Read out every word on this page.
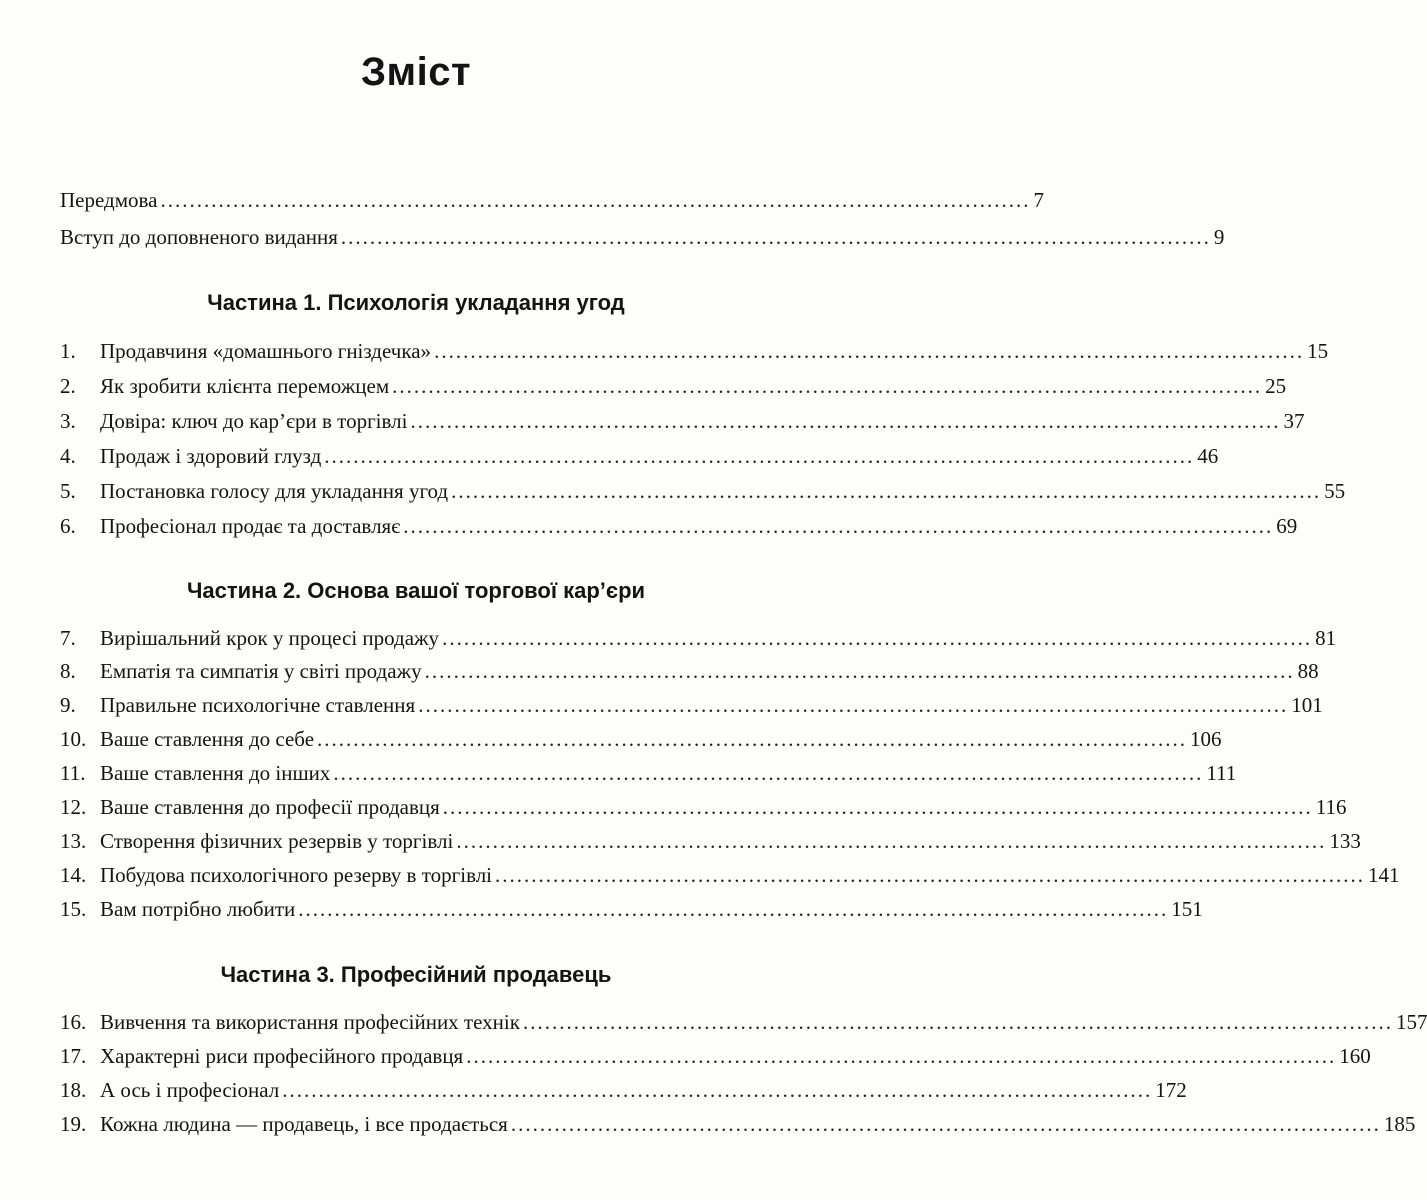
Зміст
Передмова ........................................................................................................................ 7
Вступ до доповненого видання ........................................................................................................................ 9
Частина 1. Психологія укладання угод
1.	Продавчиня «домашнього гніздечка» ........................................................................................................................ 15
2.	Як зробити клієнта переможцем ........................................................................................................................ 25
3.	Довіра: ключ до кар’єри в торгівлі ........................................................................................................................ 37
4.	Продаж і здоровий глузд ........................................................................................................................ 46
5.	Постановка голосу для укладання угод ........................................................................................................................ 55
6.	Професіонал продає та доставляє ........................................................................................................................ 69
Частина 2. Основа вашої торгової кар’єри
7.	Вирішальний крок у процесі продажу ........................................................................................................................ 81
8.	Емпатія та симпатія у світі продажу ........................................................................................................................ 88
9.	Правильне психологічне ставлення ........................................................................................................................ 101
10. Ваше ставлення до себе ........................................................................................................................ 106
11. Ваше ставлення до інших ........................................................................................................................ 111
12. Ваше ставлення до професії продавця ........................................................................................................................ 116
13. Створення фізичних резервів у торгівлі ........................................................................................................................ 133
14. Побудова психологічного резерву в торгівлі ........................................................................................................................ 141
15. Вам потрібно любити ........................................................................................................................ 151
Частина 3. Професійний продавець
16. Вивчення та використання професійних технік ........................................................................................................................ 157
17. Характерні риси професійного продавця ........................................................................................................................ 160
18. А ось і професіонал ........................................................................................................................ 172
19. Кожна людина — продавець, і все продається ........................................................................................................................ 185
